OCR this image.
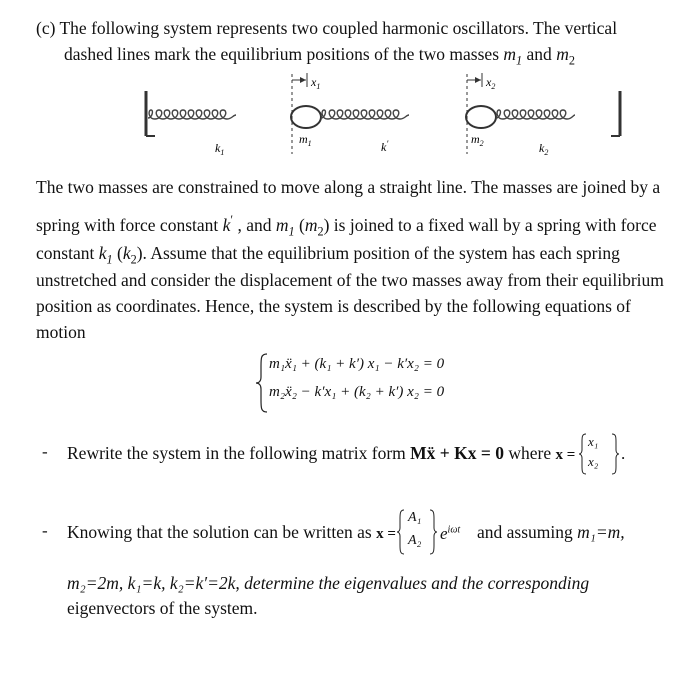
(c) The following system represents two coupled harmonic oscillators. The vertical
dashed lines mark the equilibrium positions of the two masses $m_1$ and $m_2$
$x_1$	$x_2$
$k_1$
$m_1$	k′	$m_2$	$k_2$
The two masses are constrained to move along a straight line. The masses are joined by a
spring with force constant k′ , and $m_1$ $(m_2)$ is joined to a fixed wall by a spring with force
constant $k_1$ $(k_2)$. Assume that the equilibrium position of the system has each spring
unstretched and consider the displacement of the two masses away from their equilibrium
position as coordinates. Hence, the system is described by the following equations of
motion
m₁ẍ₁ + (k₁ + k′) x₁ − k′x₂ = 0
m₂ẍ₂ − k′x₁ + (k₂ + k′) x₂ = 0
- Rewrite the system in the following matrix form Mẍ + Kx = 0 where x =
x₁
x₂ .
- Knowing that the solution can be written as x =
A₁
A₂ $e^{i\omega t}$ and assuming m₁=m,
m₂=2m, k₁=k, k₂=k′=2k, determine the eigenvalues and the corresponding
eigenvectors of the system.
